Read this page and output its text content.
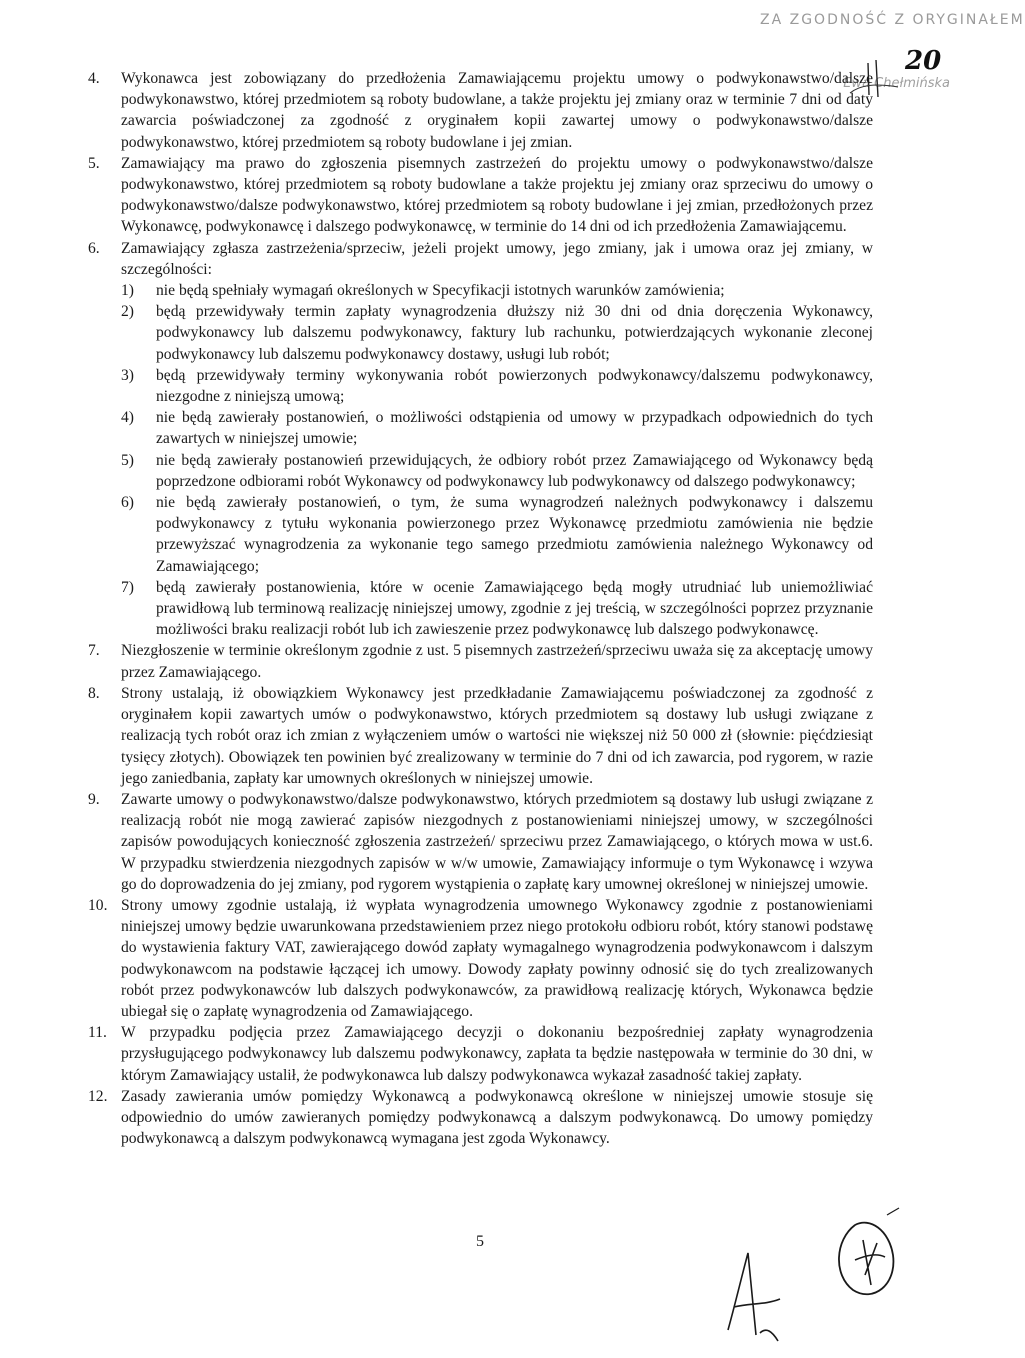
ZA ZGODNOŚĆ Z ORYGINAŁEM
Ewa Chełmińska
20
4.	Wykonawca jest zobowiązany do przedłożenia Zamawiającemu projektu umowy o podwykonawstwo/dalsze podwykonawstwo, której przedmiotem są roboty budowlane, a także projektu jej zmiany oraz w terminie 7 dni od daty zawarcia poświadczonej za zgodność z oryginałem kopii zawartej umowy o podwykonawstwo/dalsze podwykonawstwo, której przedmiotem są roboty budowlane i jej zmian.
5.	Zamawiający ma prawo do zgłoszenia pisemnych zastrzeżeń do projektu umowy o podwykonawstwo/dalsze podwykonawstwo, której przedmiotem są roboty budowlane a także projektu jej zmiany oraz sprzeciwu do umowy o podwykonawstwo/dalsze podwykonawstwo, której przedmiotem są roboty budowlane i jej zmian, przedłożonych przez Wykonawcę, podwykonawcę i dalszego podwykonawcę, w terminie do 14 dni od ich przedłożenia Zamawiającemu.
6.	Zamawiający zgłasza zastrzeżenia/sprzeciw, jeżeli projekt umowy, jego zmiany, jak i umowa oraz jej zmiany, w szczególności:
1)	nie będą spełniały wymagań określonych w Specyfikacji istotnych warunków zamówienia;
2)	będą przewidywały termin zapłaty wynagrodzenia dłuższy niż 30 dni od dnia doręczenia Wykonawcy, podwykonawcy lub dalszemu podwykonawcy, faktury lub rachunku, potwierdzających wykonanie zleconej podwykonawcy lub dalszemu podwykonawcy dostawy, usługi lub robót;
3)	będą przewidywały terminy wykonywania robót powierzonych podwykonawcy/dalszemu podwykonawcy, niezgodne z niniejszą umową;
4)	nie będą zawierały postanowień, o możliwości odstąpienia od umowy w przypadkach odpowiednich do tych zawartych w niniejszej umowie;
5)	nie będą zawierały postanowień przewidujących, że odbiory robót przez Zamawiającego od Wykonawcy będą poprzedzone odbiorami robót Wykonawcy od podwykonawcy lub podwykonawcy od dalszego podwykonawcy;
6)	nie będą zawierały postanowień, o tym, że suma wynagrodzeń należnych podwykonawcy i dalszemu podwykonawcy z tytułu wykonania powierzonego przez Wykonawcę przedmiotu zamówienia nie będzie przewyższać wynagrodzenia za wykonanie tego samego przedmiotu zamówienia należnego Wykonawcy od Zamawiającego;
7)	będą zawierały postanowienia, które w ocenie Zamawiającego będą mogły utrudniać lub uniemożliwiać prawidłową lub terminową realizację niniejszej umowy, zgodnie z jej treścią, w szczególności poprzez przyznanie możliwości braku realizacji robót lub ich zawieszenie przez podwykonawcę lub dalszego podwykonawcę.
7.	Niezgłoszenie w terminie określonym zgodnie z ust. 5 pisemnych zastrzeżeń/sprzeciwu uważa się za akceptację umowy przez Zamawiającego.
8.	Strony ustalają, iż obowiązkiem Wykonawcy jest przedkładanie Zamawiającemu poświadczonej za zgodność z oryginałem kopii zawartych umów o podwykonawstwo, których przedmiotem są dostawy lub usługi związane z realizacją tych robót oraz ich zmian z wyłączeniem umów o wartości nie większej niż 50 000 zł (słownie: pięćdziesiąt tysięcy złotych). Obowiązek ten powinien być zrealizowany w terminie do 7 dni od ich zawarcia, pod rygorem, w razie jego zaniedbania, zapłaty kar umownych określonych w niniejszej umowie.
9.	Zawarte umowy o podwykonawstwo/dalsze podwykonawstwo, których przedmiotem są dostawy lub usługi związane z realizacją robót nie mogą zawierać zapisów niezgodnych z postanowieniami niniejszej umowy, w szczególności zapisów powodujących konieczność zgłoszenia zastrzeżeń/ sprzeciwu przez Zamawiającego, o których mowa w ust.6. W przypadku stwierdzenia niezgodnych zapisów w w/w umowie, Zamawiający informuje o tym Wykonawcę i wzywa go do doprowadzenia do jej zmiany, pod rygorem wystąpienia o zapłatę kary umownej określonej w niniejszej umowie.
10. Strony umowy zgodnie ustalają, iż wypłata wynagrodzenia umownego Wykonawcy zgodnie z postanowieniami niniejszej umowy będzie uwarunkowana przedstawieniem przez niego protokołu odbioru robót, który stanowi podstawę do wystawienia faktury VAT, zawierającego dowód zapłaty wymagalnego wynagrodzenia podwykonawcom i dalszym podwykonawcom na podstawie łączącej ich umowy. Dowody zapłaty powinny odnosić się do tych zrealizowanych robót przez podwykonawców lub dalszych podwykonawców, za prawidłową realizację których, Wykonawca będzie ubiegał się o zapłatę wynagrodzenia od Zamawiającego.
11. W przypadku podjęcia przez Zamawiającego decyzji o dokonaniu bezpośredniej zapłaty wynagrodzenia przysługującego podwykonawcy lub dalszemu podwykonawcy, zapłata ta będzie następowała w terminie do 30 dni, w którym Zamawiający ustalił, że podwykonawca lub dalszy podwykonawca wykazał zasadność takiej zapłaty.
12. Zasady zawierania umów pomiędzy Wykonawcą a podwykonawcą określone w niniejszej umowie stosuje się odpowiednio do umów zawieranych pomiędzy podwykonawcą a dalszym podwykonawcą. Do umowy pomiędzy podwykonawcą a dalszym podwykonawcą wymagana jest zgoda Wykonawcy.
5
